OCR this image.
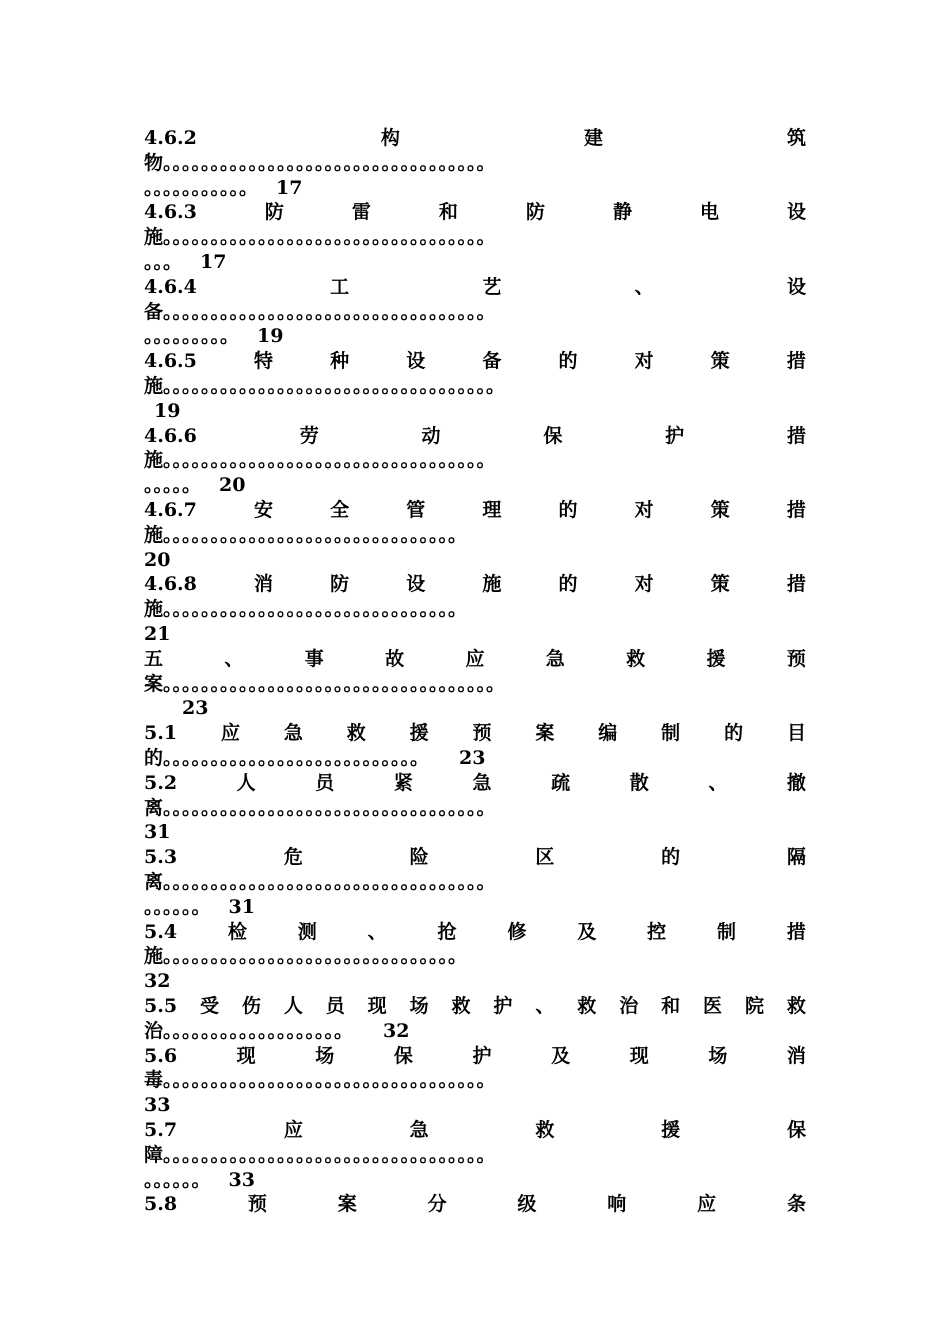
4.6.2	构	建	筑
物。。。。。。。。。。。。。。。。。。。。。。。。。。。。。。。。。。
。。。。。。。。。。。 17
4.6.3	防	雷	和	防	静	电	设
施。。。。。。。。。。。。。。。。。。。。。。。。。。。。。。。。。。
。。。 17
4.6.4	工	艺	、	设
备。。。。。。。。。。。。。。。。。。。。。。。。。。。。。。。。。。
。。。。。。。。。 19
4.6.5	特	种	设	备	的	对	策	措
施。。。。。。。。。。。。。。。。。。。。。。。。。。。。。。。。。。。
19
4.6.6	劳	动	保	护	措
施。。。。。。。。。。。。。。。。。。。。。。。。。。。。。。。。。。
。。。。。 20
4.6.7	安	全	管	理	的	对	策	措
施。。。。。。。。。。。。。。。。。。。。。。。。。。。。。。。
20
4.6.8	消	防	设	施	的	对	策	措
施。。。。。。。。。。。。。。。。。。。。。。。。。。。。。。。
21
五	、	事	故	应	急	救	援	预
案。。。。。。。。。。。。。。。。。。。。。。。。。。。。。。。。。。。
23
5.1 应 急 救 援 预 案 编 制 的 目
的。。。。。。。。。。。。。。。。。。。。。。。。。。。 23
5.2	人	员	紧	急	疏	散	、	撤
离。。。。。。。。。。。。。。。。。。。。。。。。。。。。。。。。。。
31
5.3	危	险	区	的	隔
离。。。。。。。。。。。。。。。。。。。。。。。。。。。。。。。。。。
。。。。。。 31
5.4	检	测	、	抢	修	及	控	制	措
施。。。。。。。。。。。。。。。。。。。。。。。。。。。。。。。
32
5.5 受 伤 人 员 现 场 救 护 、 救 治 和 医 院 救
治。。。。。。。。。。。。。。。。。。。 32
5.6	现	场	保	护	及	现	场	消
毒。。。。。。。。。。。。。。。。。。。。。。。。。。。。。。。。。。
33
5.7	应	急	救	援	保
障。。。。。。。。。。。。。。。。。。。。。。。。。。。。。。。。。。
。。。。。。 33
5.8	预	案	分	级	响	应	条
